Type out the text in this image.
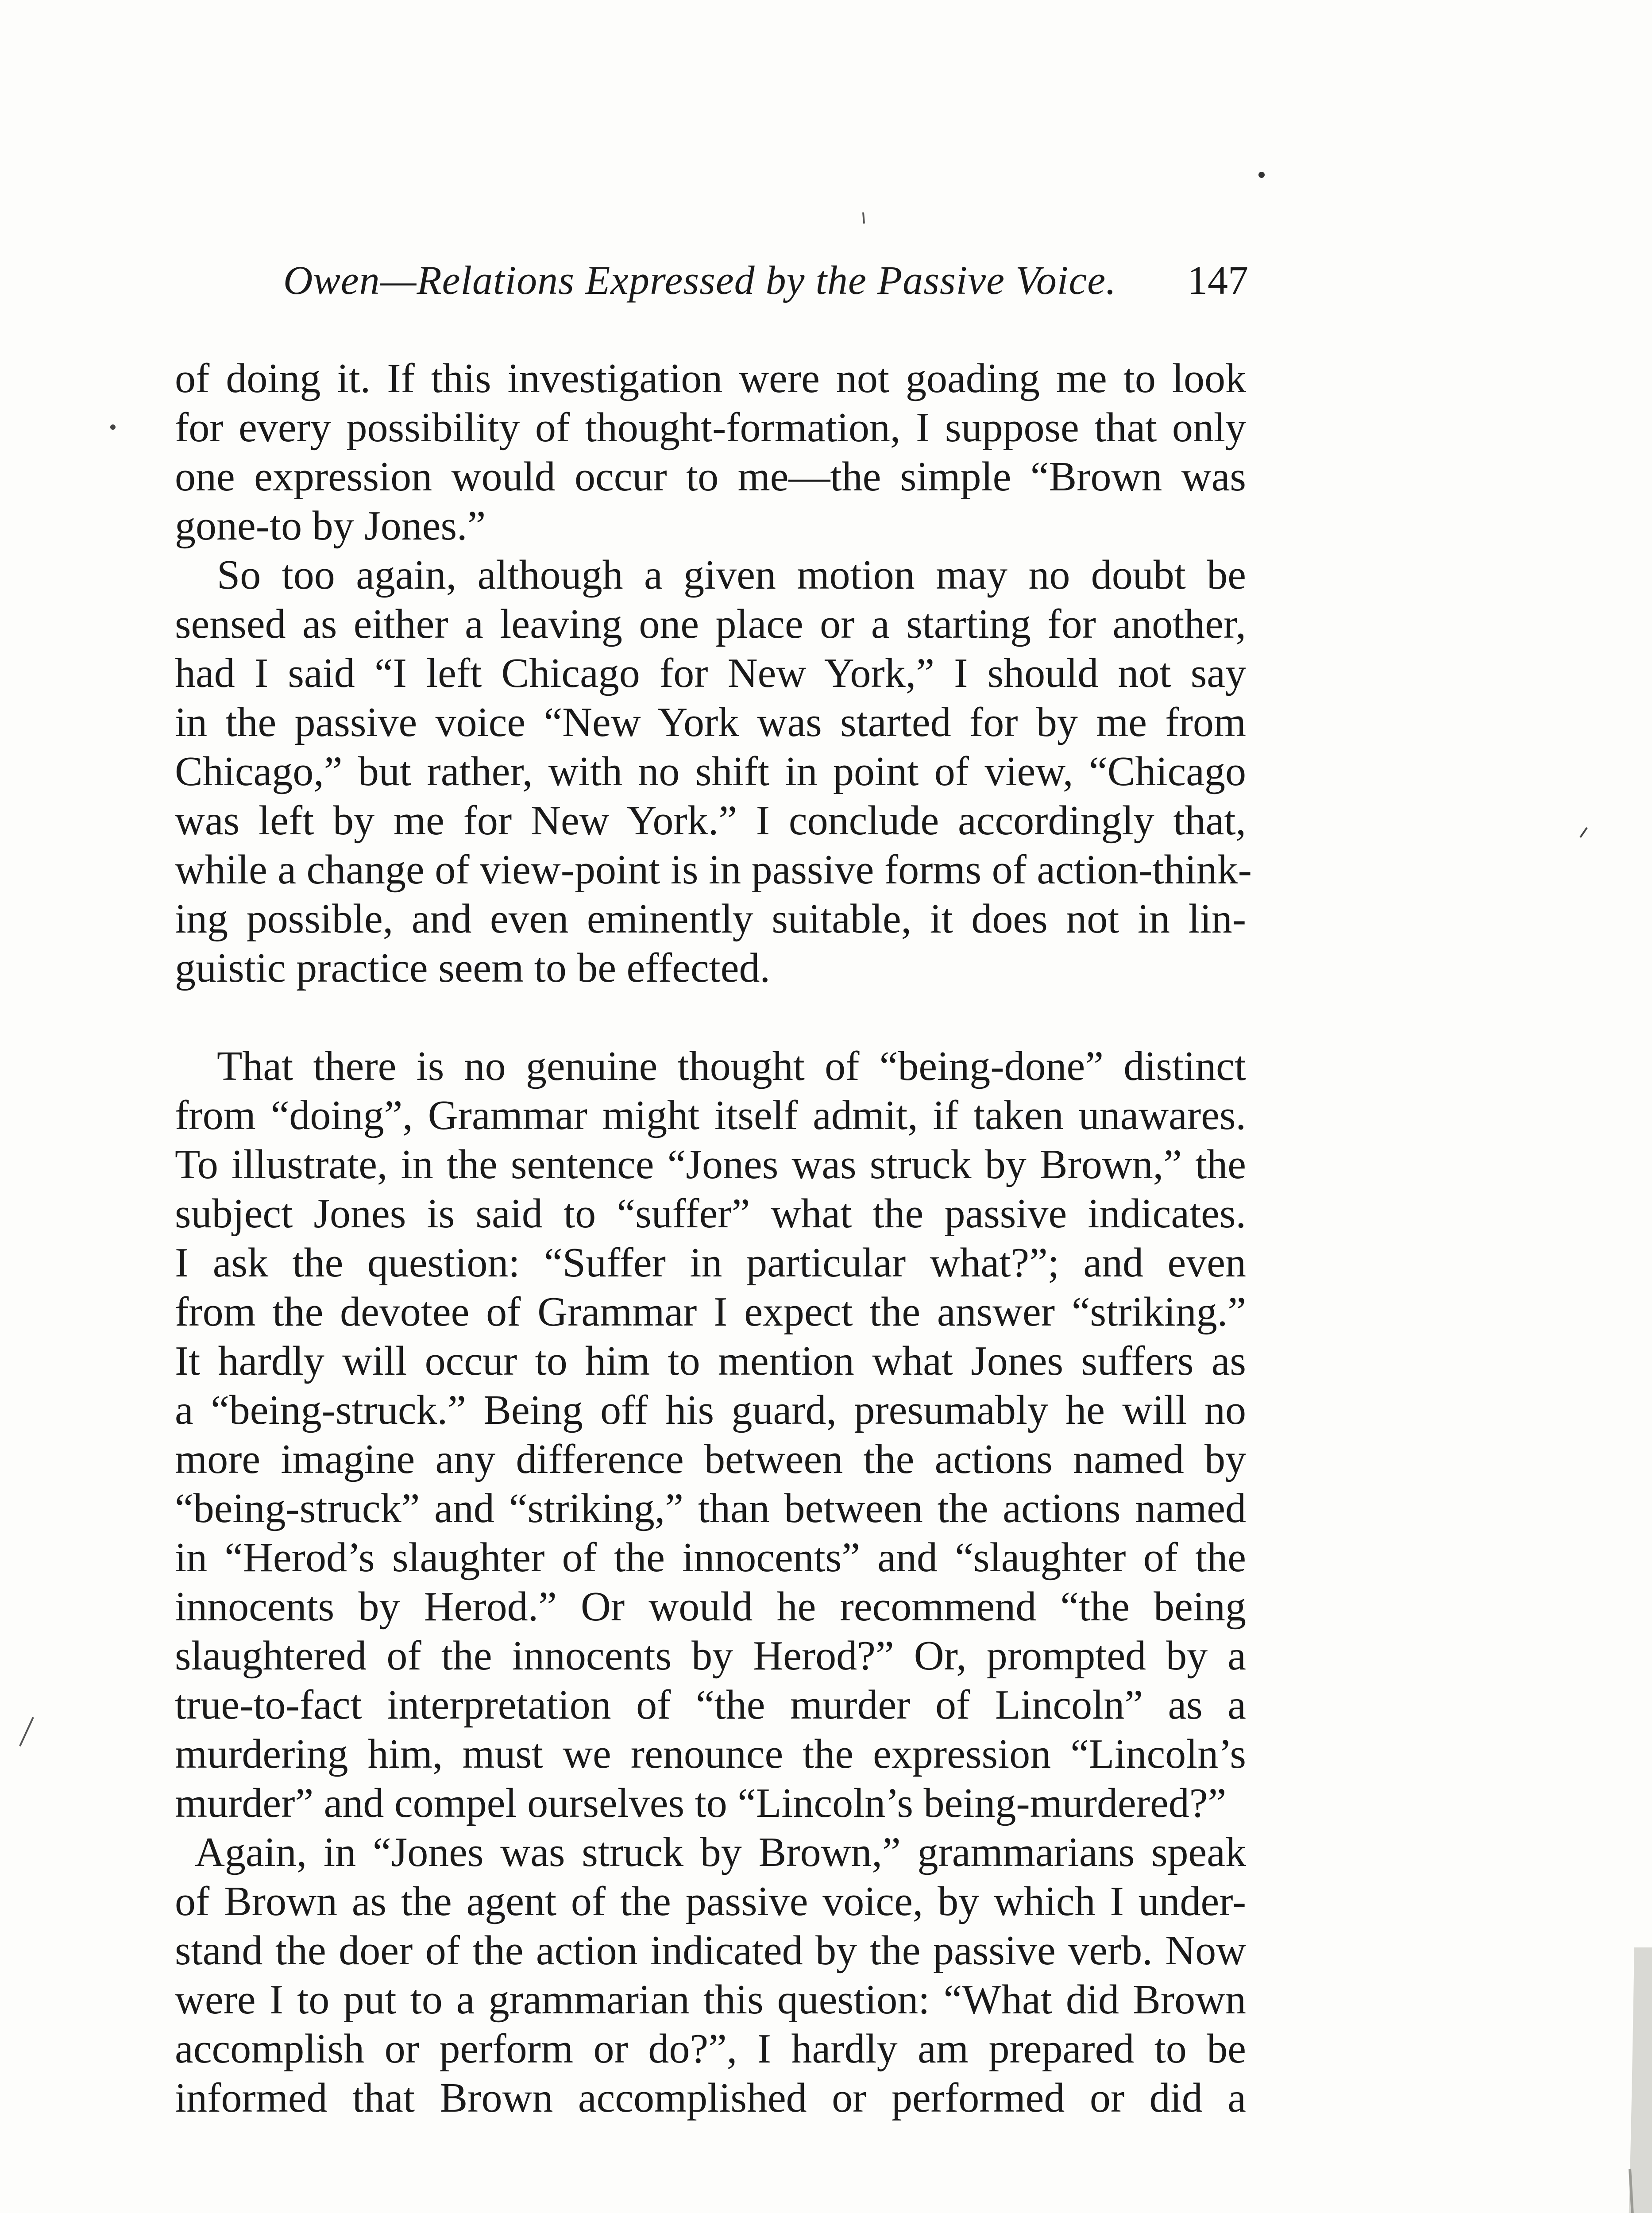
Owen—Relations Expressed by the Passive Voice. 147

of doing it. If this investigation were not goading me to look
for every possibility of thought-formation, I suppose that only
one expression would occur to me—the simple “Brown was
gone-to by Jones.”

So too again, although a given motion may no doubt be
sensed as either a leaving one place or a starting for another,
had I said “I left Chicago for New York,” I should not say
in the passive voice “New York was started for by me from
Chicago,” but rather, with no shift in point of view, “Chicago
was left by me for New York.” I conclude accordingly that,
while a change of view-point is in passive forms of action-think-
ing possible, and even eminently suitable, it does not in lin-
guistic practice seem to be effected.

That there is no genuine thought of “being-done” distinct
from “doing”, Grammar might itself admit, if taken unawares.
To illustrate, in the sentence “Jones was struck by Brown,” the
subject Jones is said to “suffer” what the passive indicates.
I ask the question: “Suffer in particular what?”; and even
from the devotee of Grammar I expect the answer “striking.”
It hardly will occur to him to mention what Jones suffers as
a “being-struck.” Being off his guard, presumably he will no
more imagine any difference between the actions named by
“being-struck” and “striking,” than between the actions named
in “Herod’s slaughter of the innocents” and “slaughter of the
innocents by Herod.” Or would he recommend “the being
slaughtered of the innocents by Herod?” Or, prompted by a
true-to-fact interpretation of “the murder of Lincoln” as a
murdering him, must we renounce the expression “Lincoln’s
murder” and compel ourselves to “Lincoln’s being-murdered?”

Again, in “Jones was struck by Brown,” grammarians speak
of Brown as the agent of the passive voice, by which I under-
stand the doer of the action indicated by the passive verb. Now
were I to put to a grammarian this question: “What did Brown
accomplish or perform or do?”, I hardly am prepared to be
informed that Brown accomplished or performed or did a
